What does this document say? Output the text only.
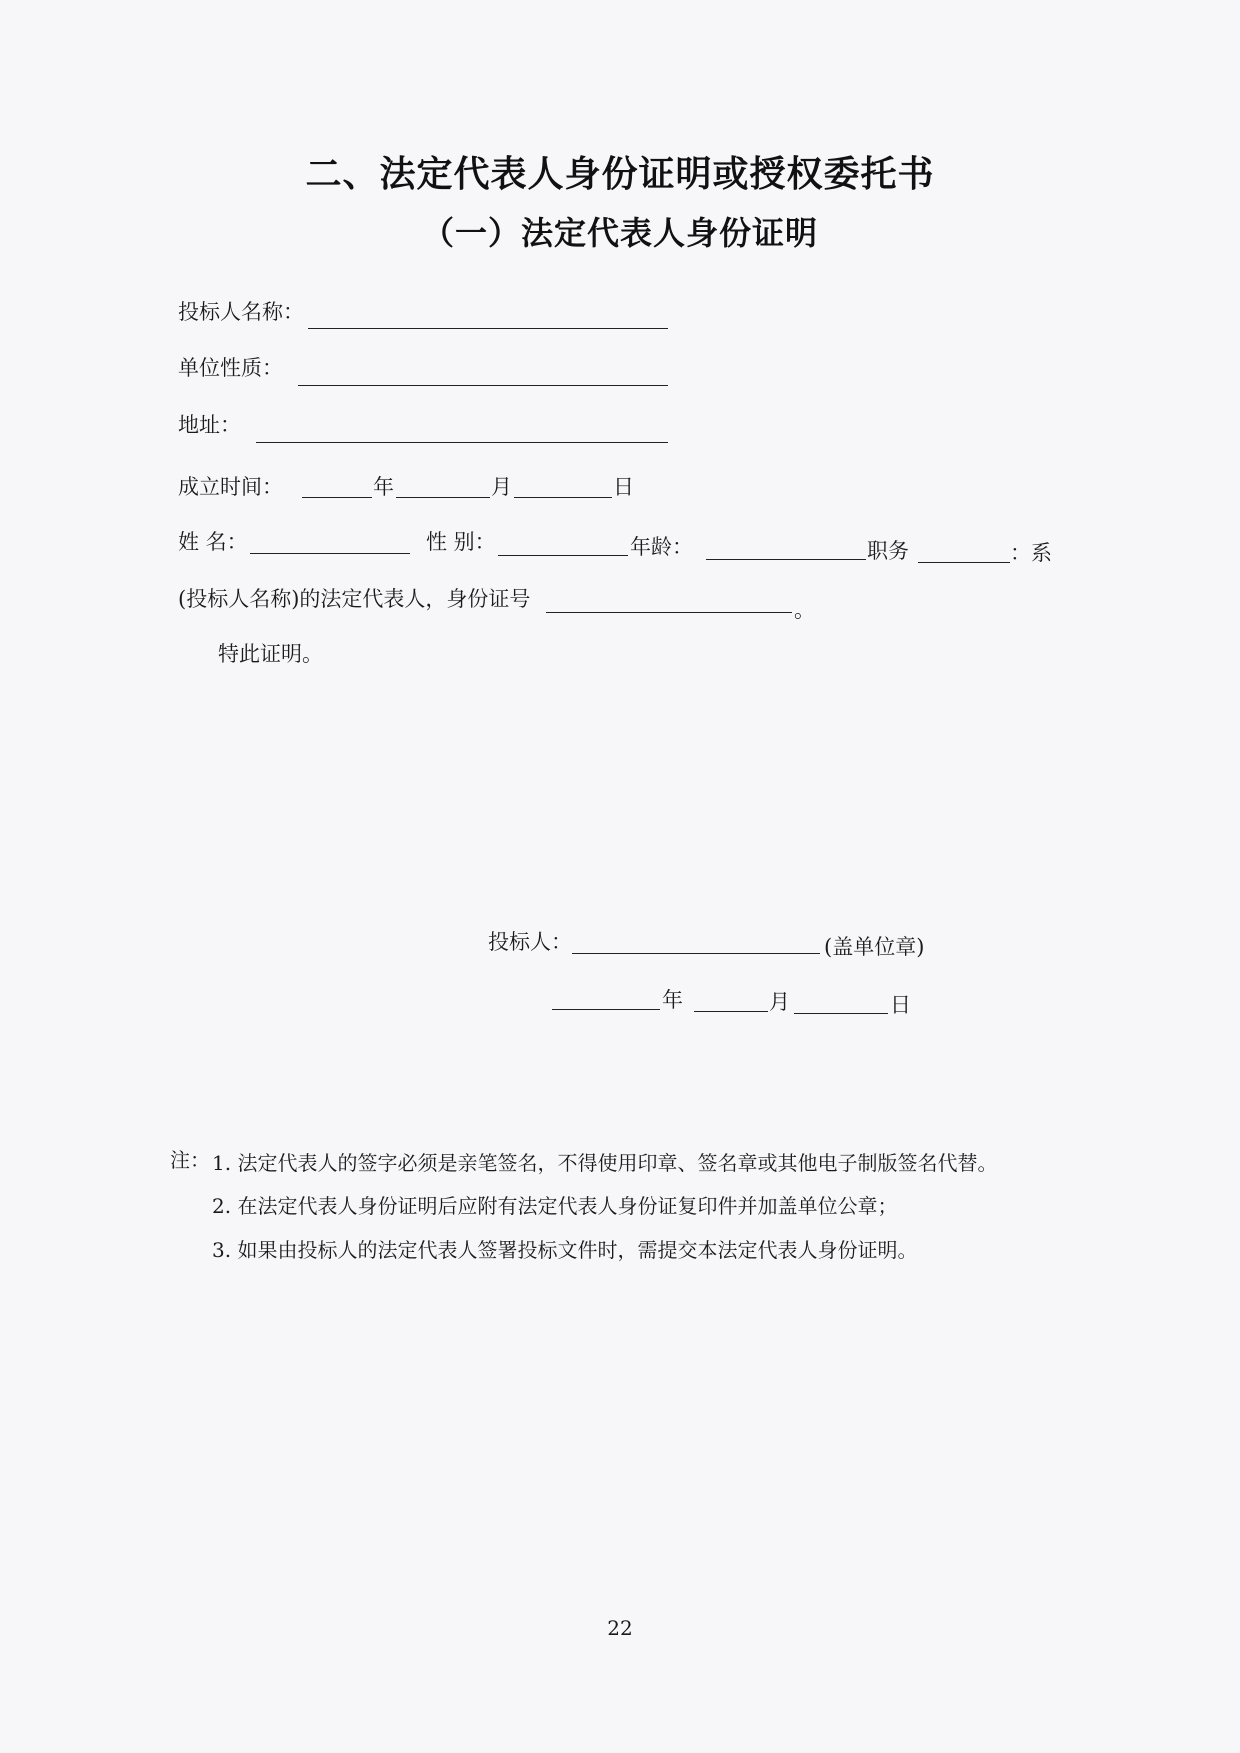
二、法定代表人身份证明或授权委托书
（一）法定代表人身份证明
投标人名称：
单位性质：
地址：
成立时间：	年	月	日
姓 名：	性 别：	年龄：	职务	：系
(投标人名称)的法定代表人，身份证号	。
特此证明。
投标人：	(盖单位章)
年	月	日
注： 1. 法定代表人的签字必须是亲笔签名，不得使用印章、签名章或其他电子制版签名代替。
2. 在法定代表人身份证明后应附有法定代表人身份证复印件并加盖单位公章；
3. 如果由投标人的法定代表人签署投标文件时，需提交本法定代表人身份证明。
22
